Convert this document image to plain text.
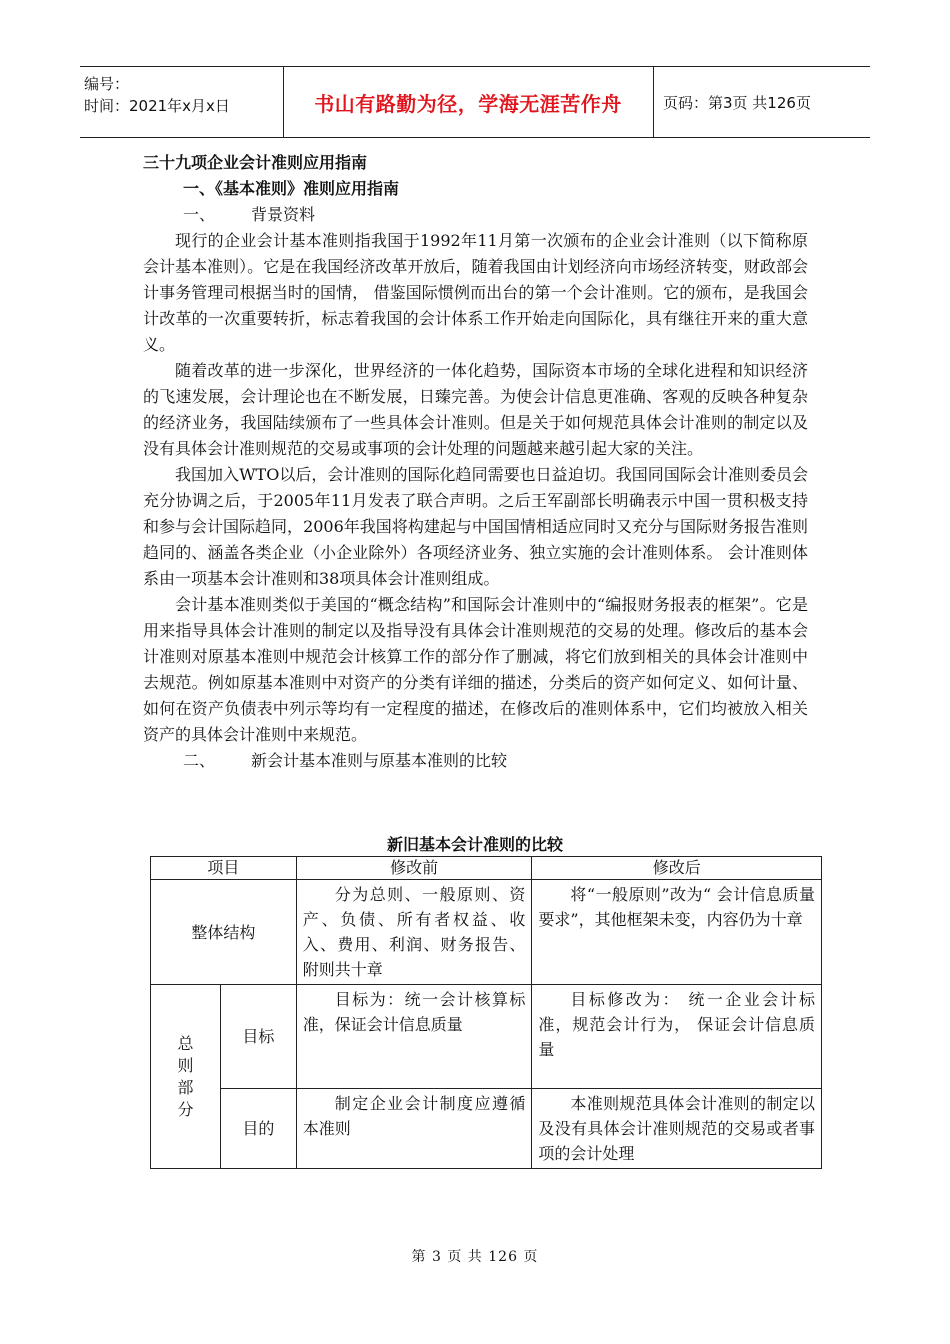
编号：
时间：2021年x月x日	书山有路勤为径，学海无涯苦作舟	页码：第3页 共126页
三十九项企业会计准则应用指南
一、《基本准则》准则应用指南
一、 背景资料

现行的企业会计基本准则指我国于1992年11月第一次颁布的企业会计准则（以下简称原会计基本准则）。它是在我国经济改革开放后，随着我国由计划经济向市场经济转变，财政部会计事务管理司根据当时的国情， 借鉴国际惯例而出台的第一个会计准则。它的颁布，是我国会计改革的一次重要转折，标志着我国的会计体系工作开始走向国际化，具有继往开来的重大意义。

随着改革的进一步深化，世界经济的一体化趋势，国际资本市场的全球化进程和知识经济的飞速发展，会计理论也在不断发展，日臻完善。为使会计信息更准确、客观的反映各种复杂的经济业务，我国陆续颁布了一些具体会计准则。但是关于如何规范具体会计准则的制定以及没有具体会计准则规范的交易或事项的会计处理的问题越来越引起大家的关注。

我国加入WTO以后，会计准则的国际化趋同需要也日益迫切。我国同国际会计准则委员会充分协调之后，于2005年11月发表了联合声明。之后王军副部长明确表示中国一贯积极支持和参与会计国际趋同，2006年我国将构建起与中国国情相适应同时又充分与国际财务报告准则趋同的、涵盖各类企业（小企业除外）各项经济业务、独立实施的会计准则体系。 会计准则体系由一项基本会计准则和38项具体会计准则组成。

会计基本准则类似于美国的“概念结构”和国际会计准则中的“编报财务报表的框架”。它是用来指导具体会计准则的制定以及指导没有具体会计准则规范的交易的处理。修改后的基本会计准则对原基本准则中规范会计核算工作的部分作了删减，将它们放到相关的具体会计准则中去规范。例如原基本准则中对资产的分类有详细的描述，分类后的资产如何定义、如何计量、如何在资产负债表中列示等均有一定程度的描述，在修改后的准则体系中，它们均被放入相关资产的具体会计准则中来规范。

二、 新会计基本准则与原基本准则的比较
新旧基本会计准则的比较
项目		修改前	修改后
整体结构		分为总则、一般原则、资产、负债、所有者权益、收入、费用、利润、财务报告、附则共十章	将“一般原则”改为“ 会计信息质量要求”，其他框架未变，内容仍为十章

总则部分	目标	目标为：统一会计核算标准，保证会计信息质量	目标修改为： 统一企业会计标准，规范会计行为， 保证会计信息质量

	目的	制定企业会计制度应遵循本准则	本准则规范具体会计准则的制定以及没有具体会计准则规范的交易或者事项的会计处理
第 3 页 共 126 页
